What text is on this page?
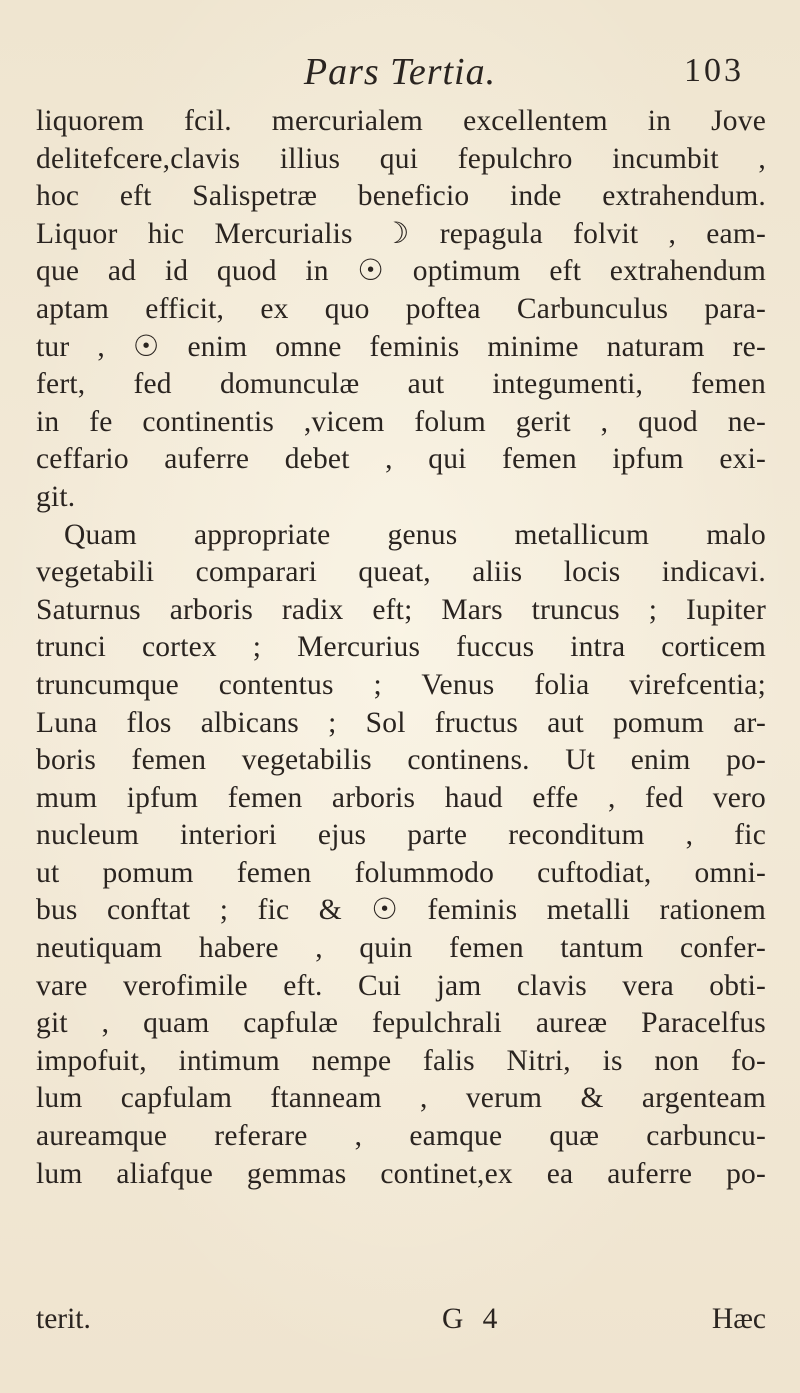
Pars Tertia.	103
liquorem fcil. mercurialem excellentem in Jove
delitefcere,clavis illius qui fepulchro incumbit ,
hoc eft Salispetræ beneficio inde extrahendum.
Liquor hic Mercurialis ☽ repagula folvit , eam-
que ad id quod in ☉ optimum eft extrahendum
aptam efficit, ex quo poftea Carbunculus para-
tur , ☉ enim omne feminis minime naturam re-
fert, fed domunculæ aut integumenti, femen
in fe continentis ,vicem folum gerit , quod ne-
ceffario auferre debet , qui femen ipfum exi-
git.
Quam appropriate genus metallicum malo
vegetabili comparari queat, aliis locis indicavi.
Saturnus arboris radix eft; Mars truncus ; Iupiter
trunci cortex ; Mercurius fuccus intra corticem
truncumque contentus ; Venus folia virefcentia;
Luna flos albicans ; Sol fructus aut pomum ar-
boris femen vegetabilis continens. Ut enim po-
mum ipfum femen arboris haud effe , fed vero
nucleum interiori ejus parte reconditum , fic
ut pomum femen folummodo cuftodiat, omni-
bus conftat ; fic & ☉ feminis metalli rationem
neutiquam habere , quin femen tantum confer-
vare verofimile eft. Cui jam clavis vera obti-
git , quam capfulæ fepulchrali aureæ Paracelfus
impofuit, intimum nempe falis Nitri, is non fo-
lum capfulam ftanneam , verum & argenteam
aureamque referare , eamque quæ carbuncu-
lum aliafque gemmas continet,ex ea auferre po-
terit.	G 4	Hæc
